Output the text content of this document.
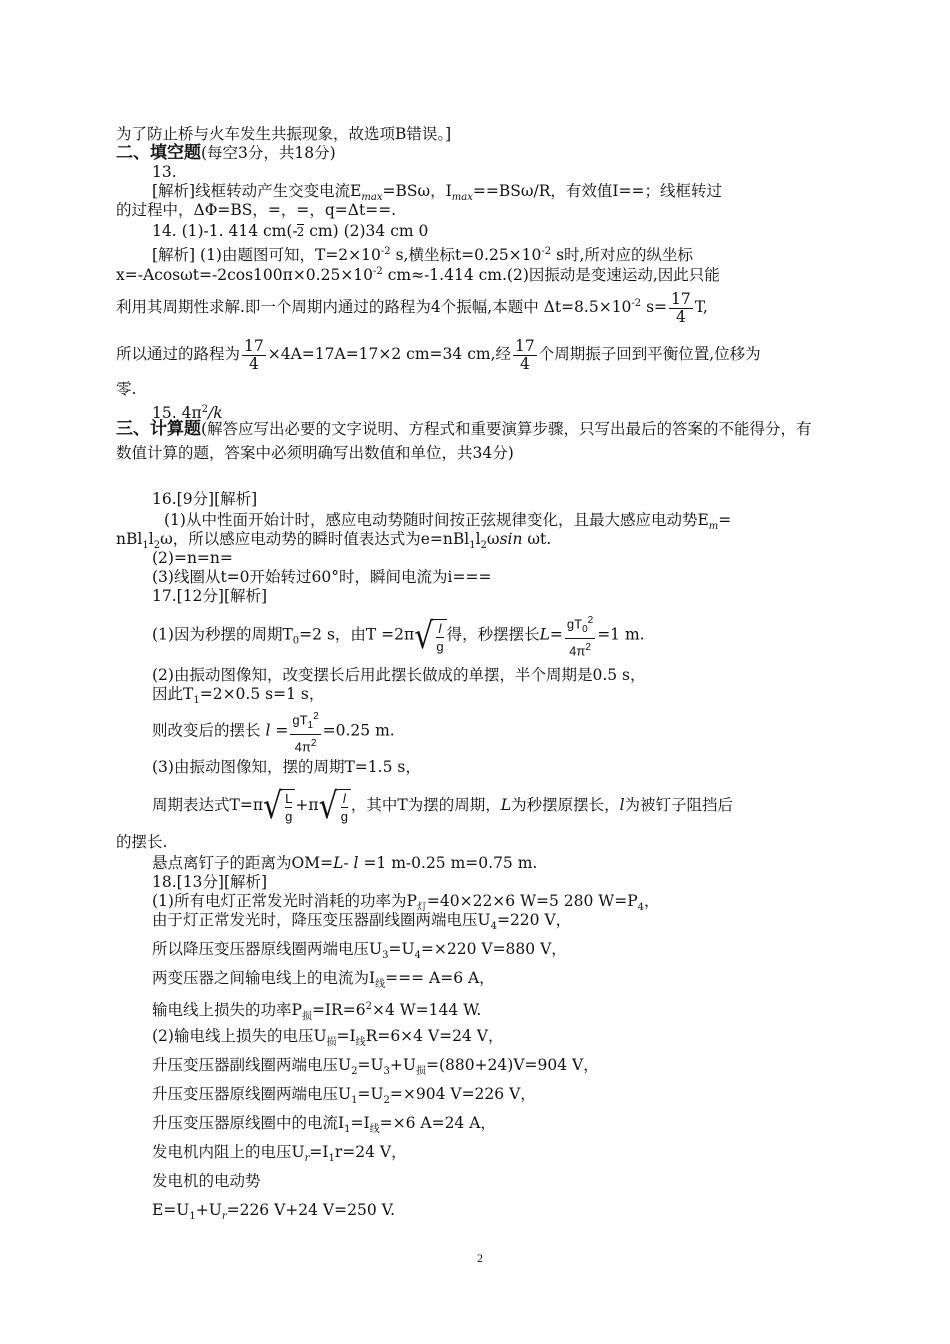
为了防止桥与火车发生共振现象，故选项B错误。]
二、填空题(每空3分，共18分)
13.
[解析]线框转动产生交变电流$E_{max}=BS\omega$，$I_{max}==BS\omega/R$，有效值I==；线框转过
的过程中，ΔΦ=BS，=，=，q=Δt==.
14. (1)-1. 414 cm(-2 cm) (2)34 cm 0
[解析] (1)由题图可知，$T=2\times 10^{-2}$ s,横坐标$t=0.25\times 10^{-2}$ s时,所对应的纵坐标
$x=-Acos\omega t=-2\cos 100\pi\times 0.25\times 10^{-2}$ cm≈-1.414 cm.(2)因振动是变速运动,因此只能
利用其周期性求解.即一个周期内通过的路程为4个振幅,本题中 $\Delta t=8.5\times 10^{-2}$ $s= \frac{17}{4} T$,
所以通过的路程为 $\frac{17}{4} \times 4A=17A=17\times 2$ cm=34 cm,经 $\frac{17}{4}$ 个周期振子回到平衡位置,位移为
零.
15. $4\pi^2/k$
三、计算题(解答应写出必要的文字说明、方程式和重要演算步骤，只写出最后的答案的不能得分，有
数值计算的题，答案中必须明确写出数值和单位，共34分)
16.[9分][解析]
(1)从中性面开始计时，感应电动势随时间按正弦规律变化，且最大感应电动势$E_m=$
$nBl_1l_2\omega$，所以感应电动势的瞬时值表达式为$e=nBl_1l_2\omega\sin$ ωt.
(2)=n=n=
(3)线圈从t=0开始转过60°时，瞬间电流为i===
17.[12分][解析]
(1)因为秒摆的周期$T_0=2$ s，由$T =2\pi√ \frac{l}{g}$ 得，秒摆摆长$L= \frac{gT_0^2}{4\pi^2} =1$ m.
(2)由振动图像知，改变摆长后用此摆长做成的单摆，半个周期是0.5 s，
因此$T_1=2\times 0.5$ s=1 s，
则改变后的摆长 $l = \frac{gT_1^2}{4\pi^2} =0.25$ m.
(3)由振动图像知，摆的周期T=1.5 s，
周期表达式$T=\pi√ \frac{L}{g} +\pi√ \frac{l}{g}$ ，其中T为摆的周期，L为秒摆原摆长，l为被钉子阻挡后
的摆长.
悬点离钉子的距离为OM=L- l =1 m-0.25 m=0.75 m.
18.[13分][解析]
(1)所有电灯正常发光时消耗的功率为$P_灯=40\times 22\times 6$ W=5 280 $W=P_4$，
由于灯正常发光时，降压变压器副线圈两端电压$U_4=220$ V，
所以降压变压器原线圈两端电压$U_3=U_4=\times 220$ V=880 V，
两变压器之间输电线上的电流为$I_线=== A=6$ A，
输电线上损失的功率$P_损=IR=6^2\times 4$ W=144 W.
(2)输电线上损失的电压$U_损=I_线R=6\times 4$ V=24 V，
升压变压器副线圈两端电压$U_2=U_3+U_损=(880+24)V=904$ V，
升压变压器原线圈两端电压$U_1=U_2=\times 904$ V=226 V，
升压变压器原线圈中的电流$I_1=I_线=\times 6$ A=24 A，
发电机内阻上的电压$U_r=I_1r=24$ V，
发电机的电动势
$E=U_1+U_r=226$ V+24 V=250 V.
2
